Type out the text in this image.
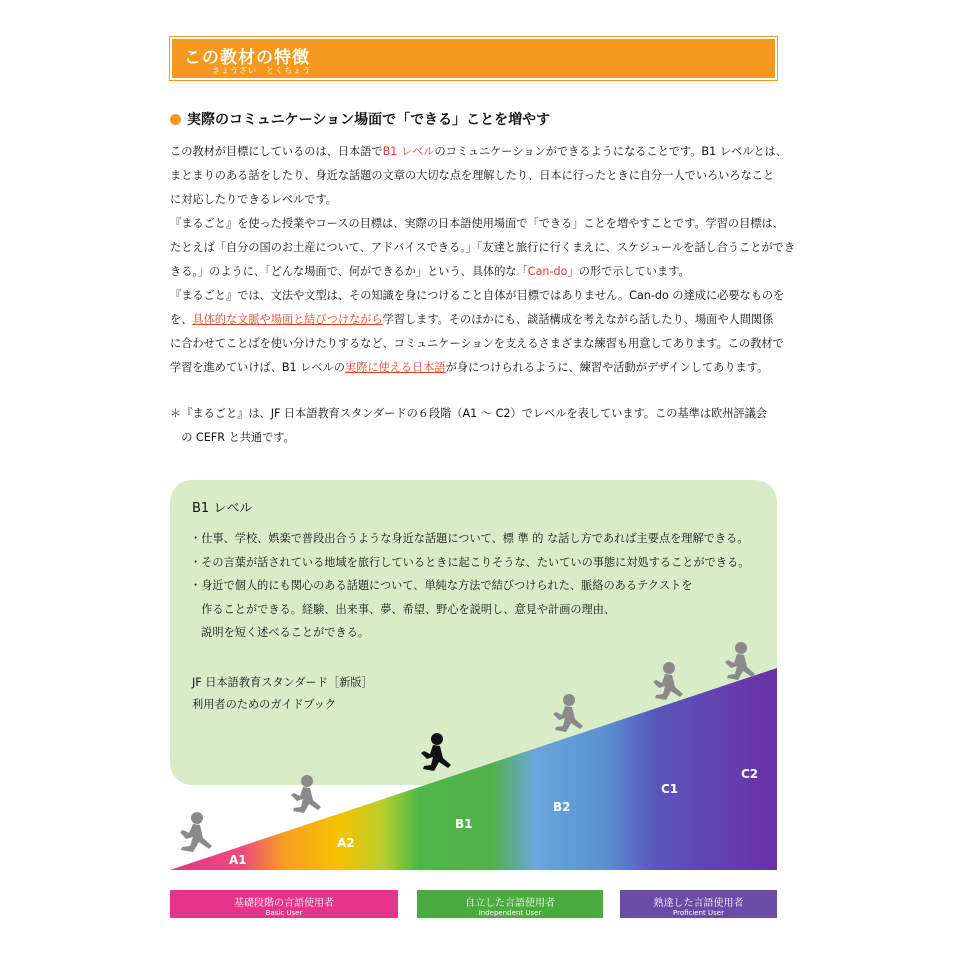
この教材の特徴
きょうざい　とくちょう
実際のコミュニケーション場面で「できる」ことを増やす

この教材が目標にしているのは、日本語でB1 レベルのコミュニケーションができるようになることです。B1 レベルとは、

まとまりのある話をしたり、身近な話題の文章の大切な点を理解したり、日本に行ったときに自分一人でいろいろなこと

に対応したりできるレベルです。

『まるごと』を使った授業やコースの目標は、実際の日本語使用場面で「できる」ことを増やすことです。学習の目標は、

たとえば「自分の国のお土産について、アドバイスできる。」「友達と旅行に行くまえに、スケジュールを話し合うことができ

きる。」のように、「どんな場面で、何ができるか」という、具体的な「Can-do」の形で示しています。

『まるごと』では、文法や文型は、その知識を身につけること自体が目標ではありません。Can-do の達成に必要なものを

を、具体的な文脈や場面と結びつけながら学習します。そのほかにも、談話構成を考えながら話したり、場面や人間関係

に合わせてことばを使い分けたりするなど、コミュニケーションを支えるさまざまな練習も用意してあります。この教材で

学習を進めていけば、B1 レベルの実際に使える日本語が身につけられるように、練習や活動がデザインしてあります。

＊『まるごと』は、JF 日本語教育スタンダードの６段階（A1 ～ C2）でレベルを表しています。この基準は欧州評議会

　の CEFR と共通です。

B1 レベル

・仕事、学校、娯楽で普段出合うような身近な話題について、標 準 的 な話し方であれば主要点を理解できる。

・その言葉が話されている地域を旅行しているときに起こりそうな、たいていの事態に対処することができる。

・身近で個人的にも関心のある話題について、単純な方法で結びつけられた、脈絡のあるテクストを

　作ることができる。経験、出来事、夢、希望、野心を説明し、意見や計画の理由、

　説明を短く述べることができる。

JF 日本語教育スタンダード［新版］

利用者のためのガイドブック

A1
A2
B1
B2
C1
C2
基礎段階の言語使用者
Basic User
自立した言語使用者
Independent User
熟達した言語使用者
Proficient User
